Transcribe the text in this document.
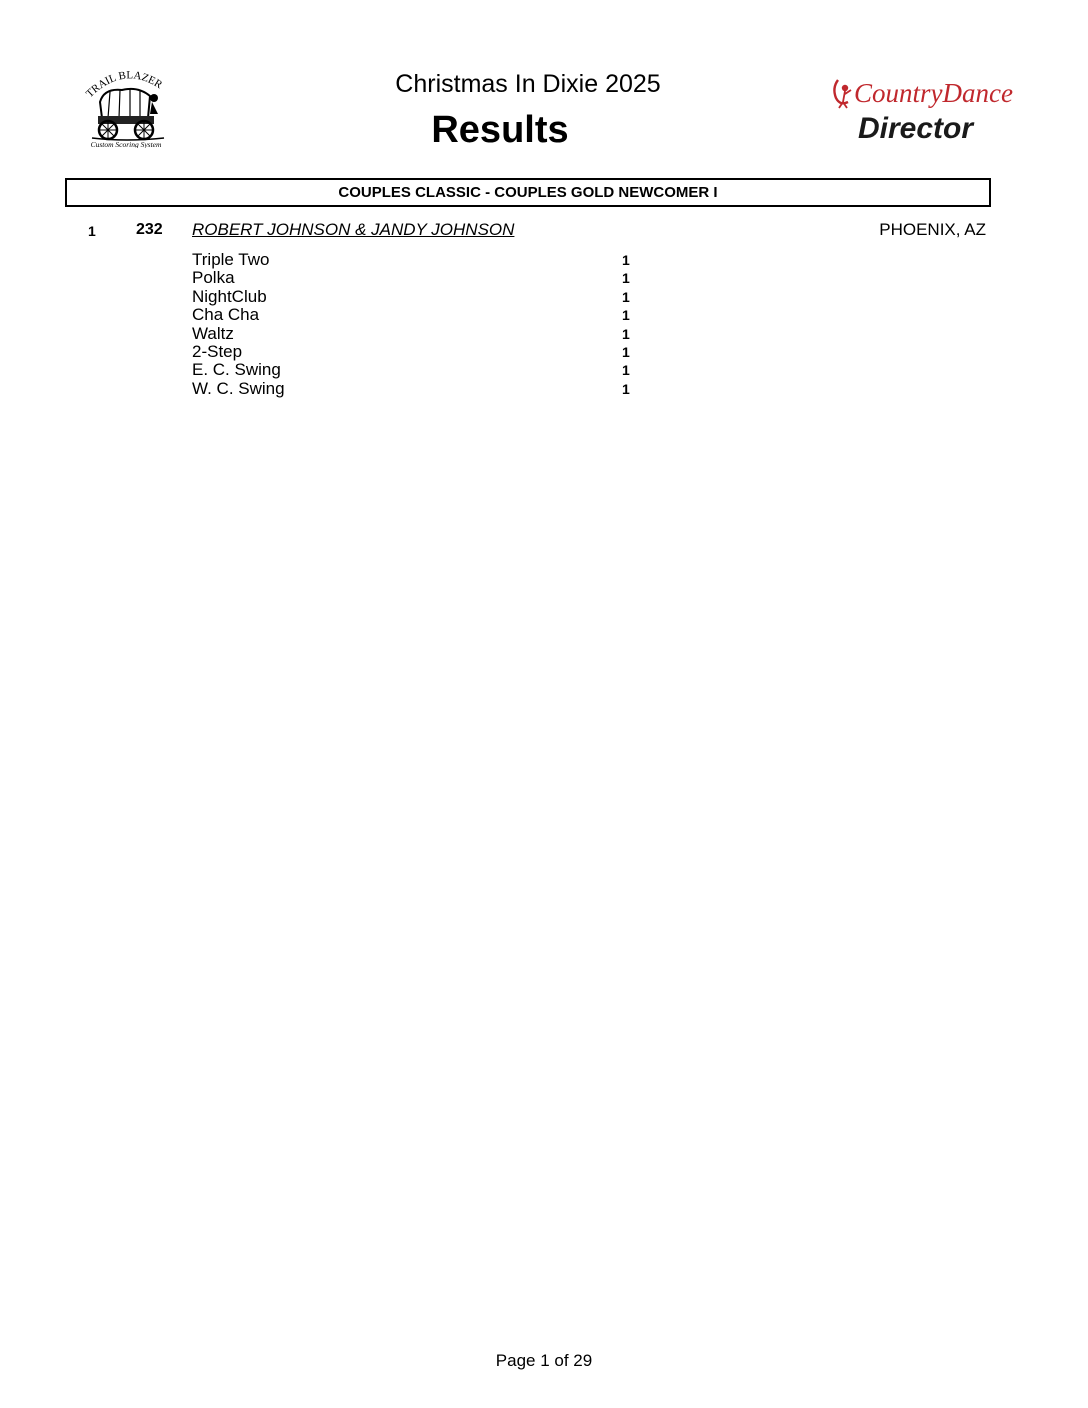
TRAIL BLAZER
Custom Scoring System
Christmas In Dixie 2025
Results
CountryDance
Director
COUPLES CLASSIC - COUPLES GOLD NEWCOMER I
1	232	ROBERT JOHNSON & JANDY JOHNSON	PHOENIX, AZ
Triple Two	1
Polka	1
NightClub	1
Cha Cha	1
Waltz	1
2-Step	1
E. C. Swing	1
W. C. Swing	1
Page 1 of 29
